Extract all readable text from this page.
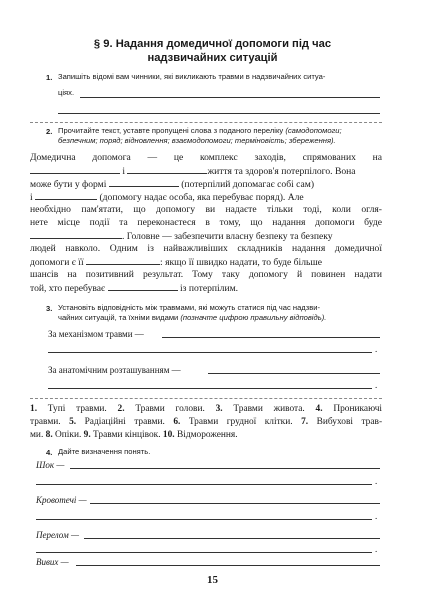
§ 9. Надання домедичної допомоги під час
надзвичайних ситуацій
1. Запишіть відомі вам чинники, які викликають травми в надзвичайних ситуа-
ціях.
2. Прочитайте текст, уставте пропущені слова з поданого переліку (самодопомоги;
безпечним; поряд; відновлення; взаємодопомоги; терміновість; збереження).
Домедична допомога — це комплекс заходів, спрямованих на
і	життя та здоров'я потерпілого. Вона
може бути у формі	(потерпілий допомагає собі сам)
і	(допомогу надає особа, яка перебуває поряд). Але
необхідно пам'ятати, що допомогу ви надаєте тільки тоді, коли огля-
нете місце події та переконаєтеся в тому, що надання допомоги буде
. Головне — забезпечити власну безпеку та безпеку
людей навколо. Одним із найважливіших складників надання домедичної
допомоги є її	: якщо її швидко надати, то буде більше
шансів на позитивний результат. Тому таку допомогу й повинен надати
той, хто перебуває	із потерпілим.
3. Установіть відповідність між травмами, які можуть статися під час надзви-
чайних ситуацій, та їхніми видами (позначте цифрою правильну відповідь).
За механізмом травми —
.
За анатомічним розташуванням —
.
1. Тупі травми. 2. Травми голови. 3. Травми живота. 4. Проникаючі
травми. 5. Радіаційні травми. 6. Травми грудної клітки. 7. Вибухові трав-
ми. 8. Опіки. 9. Травми кінцівок. 10. Відмороження.
4. Дайте визначення понять.
Шок —
.
Кровотечі —
.
Перелом —
.
Вивих —
15
